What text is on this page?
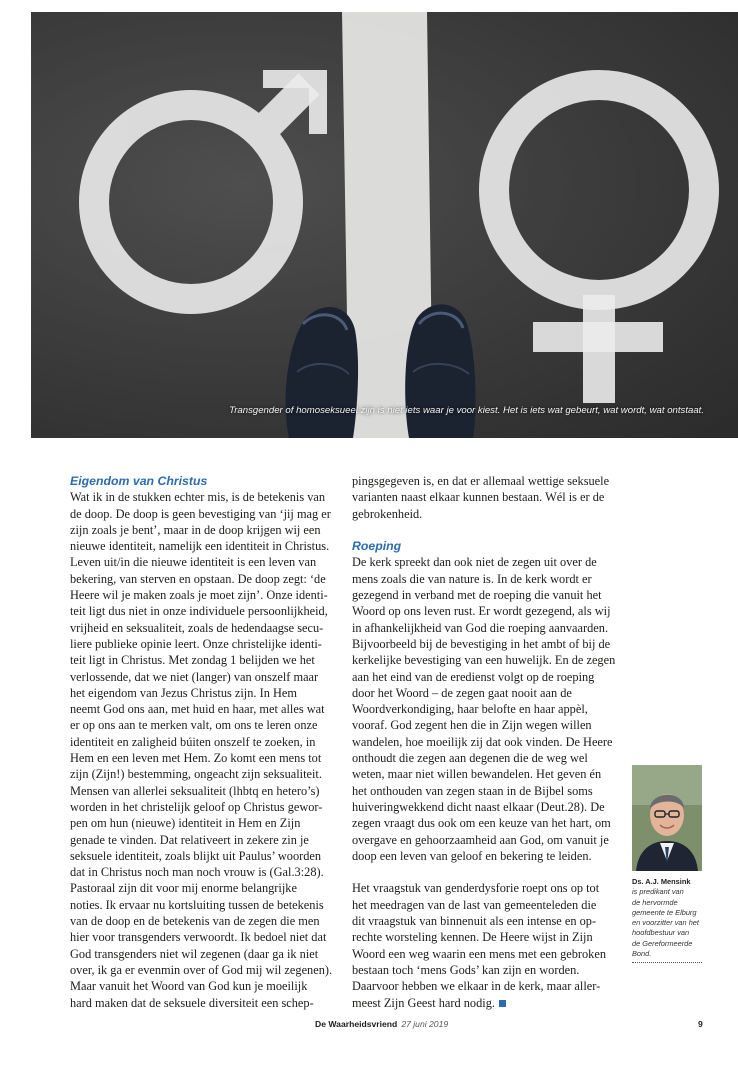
Transgender of homoseksueel zijn is niet iets waar je voor kiest. Het is iets wat gebeurt, wat wordt, wat ontstaat.
Eigendom van Christus
Wat ik in de stukken echter mis, is de betekenis van
de doop. De doop is geen bevestiging van ‘jij mag er
zijn zoals je bent’, maar in de doop krijgen wij een
nieuwe identiteit, namelijk een identiteit in Christus.
Leven uit/in die nieuwe identiteit is een leven van
bekering, van sterven en opstaan. De doop zegt: ‘de
Heere wil je maken zoals je moet zijn’. Onze identi-
teit ligt dus niet in onze individuele persoonlijkheid,
vrijheid en seksualiteit, zoals de hedendaagse secu-
liere publieke opinie leert. Onze christelijke identi-
teit ligt in Christus. Met zondag 1 belijden we het
verlossende, dat we niet (langer) van onszelf maar
het eigendom van Jezus Christus zijn. In Hem
neemt God ons aan, met huid en haar, met alles wat
er op ons aan te merken valt, om ons te leren onze
identiteit en zaligheid búiten onszelf te zoeken, in
Hem en een leven met Hem. Zo komt een mens tot
zijn (Zijn!) bestemming, ongeacht zijn seksualiteit.
Mensen van allerlei seksualiteit (lhbtq en hetero’s)
worden in het christelijk geloof op Christus gewor-
pen om hun (nieuwe) identiteit in Hem en Zijn
genade te vinden. Dat relativeert in zekere zin je
seksuele identiteit, zoals blijkt uit Paulus’ woorden
dat in Christus noch man noch vrouw is (Gal.3:28).
Pastoraal zijn dit voor mij enorme belangrijke
noties. Ik ervaar nu kortsluiting tussen de betekenis
van de doop en de betekenis van de zegen die men
hier voor transgenders verwoordt. Ik bedoel niet dat
God transgenders niet wil zegenen (daar ga ik niet
over, ik ga er evenmin over of God mij wil zegenen).
Maar vanuit het Woord van God kun je moeilijk
hard maken dat de seksuele diversiteit een schep-
pingsgegeven is, en dat er allemaal wettige seksuele
varianten naast elkaar kunnen bestaan. Wél is er de
gebrokenheid.
Roeping
De kerk spreekt dan ook niet de zegen uit over de
mens zoals die van nature is. In de kerk wordt er
gezegend in verband met de roeping die vanuit het
Woord op ons leven rust. Er wordt gezegend, als wij
in afhankelijkheid van God die roeping aanvaarden.
Bijvoorbeeld bij de bevestiging in het ambt of bij de
kerkelijke bevestiging van een huwelijk. En de zegen
aan het eind van de eredienst volgt op de roeping
door het Woord – de zegen gaat nooit aan de
Woordverkondiging, haar belofte en haar appèl,
vooraf. God zegent hen die in Zijn wegen willen
wandelen, hoe moeilijk zij dat ook vinden. De Heere
onthoudt die zegen aan degenen die de weg wel
weten, maar niet willen bewandelen. Het geven én
het onthouden van zegen staan in de Bijbel soms
huiveringwekkend dicht naast elkaar (Deut.28). De
zegen vraagt dus ook om een keuze van het hart, om
overgave en gehoorzaamheid aan God, om vanuit je
doop een leven van geloof en bekering te leiden.
Het vraagstuk van genderdysforie roept ons op tot
het meedragen van de last van gemeenteleden die
dit vraagstuk van binnenuit als een intense en op-
rechte worsteling kennen. De Heere wijst in Zijn
Woord een weg waarin een mens met een gebroken
bestaan toch ‘mens Gods’ kan zijn en worden.
Daarvoor hebben we elkaar in de kerk, maar aller-
meest Zijn Geest hard nodig.
Ds. A.J. Mensink
is predikant van
de hervormde
gemeente te Elburg
en voorzitter van het
hoofdbestuur van
de Gereformeerde
Bond.
De Waarheidsvriend 27 juni 2019	9
